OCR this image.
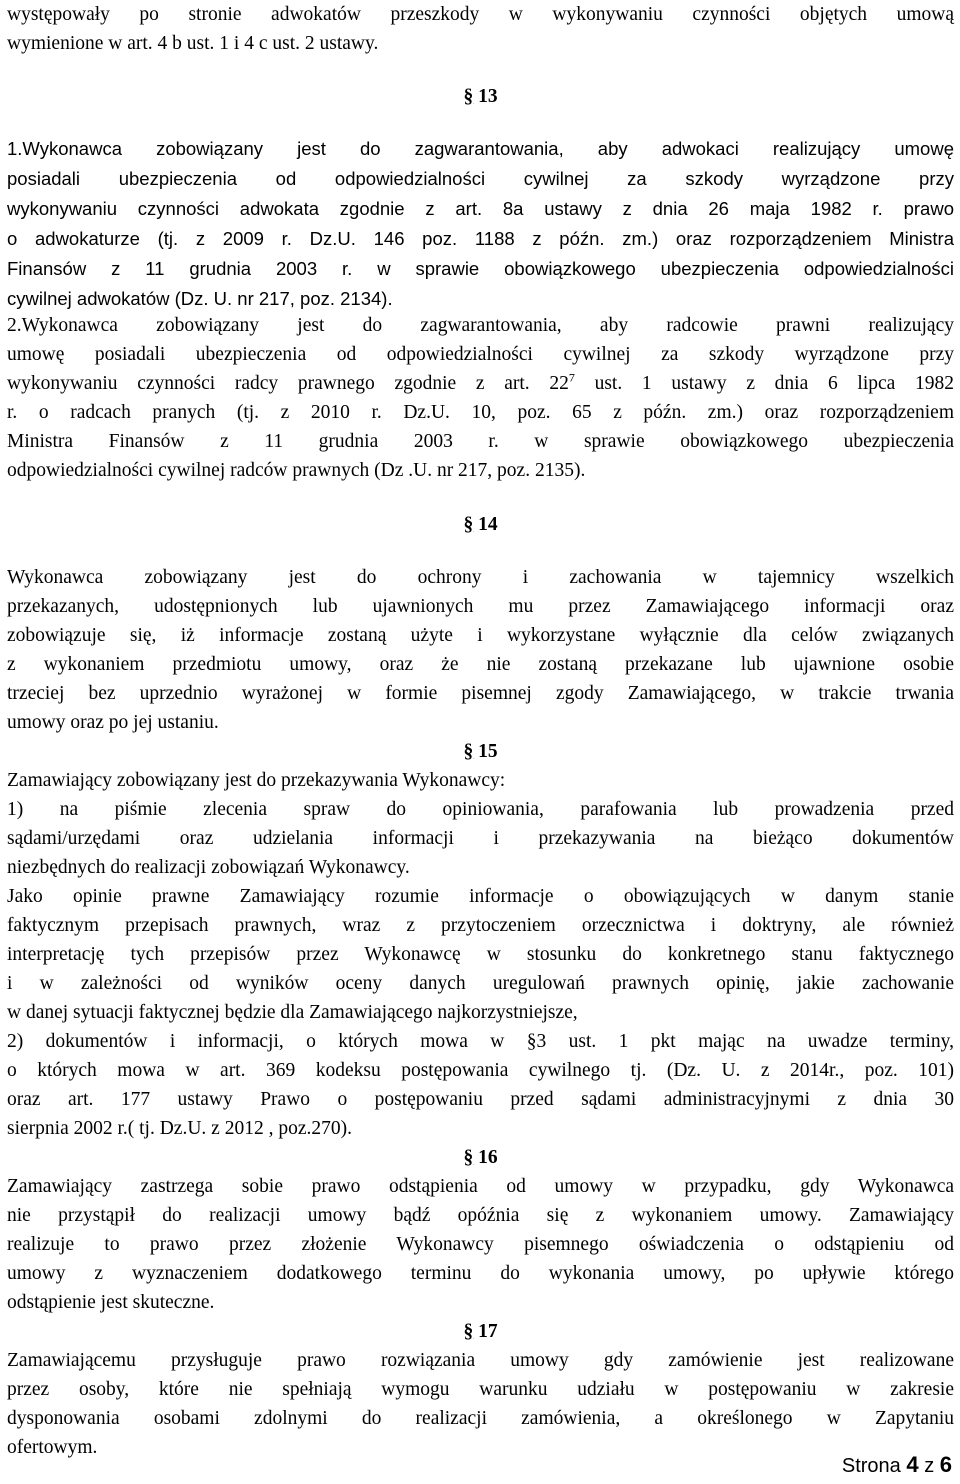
występowały po stronie adwokatów przeszkody w wykonywaniu czynności objętych umową
wymienione w art. 4 b ust. 1 i 4 c ust. 2 ustawy.
§ 13
1.Wykonawca zobowiązany jest do zagwarantowania, aby adwokaci realizujący umowę
posiadali ubezpieczenia od odpowiedzialności cywilnej za szkody wyrządzone przy
wykonywaniu czynności adwokata zgodnie z art. 8a ustawy z dnia 26 maja 1982 r. prawo
o adwokaturze (tj. z 2009 r. Dz.U. 146 poz. 1188 z późn. zm.) oraz rozporządzeniem Ministra
Finansów z 11 grudnia 2003 r. w sprawie obowiązkowego ubezpieczenia odpowiedzialności
cywilnej adwokatów (Dz. U. nr 217, poz. 2134).
2.Wykonawca zobowiązany jest do zagwarantowania, aby radcowie prawni realizujący
umowę posiadali ubezpieczenia od odpowiedzialności cywilnej za szkody wyrządzone przy
wykonywaniu czynności radcy prawnego zgodnie z art. $22^7$ ust. 1 ustawy z dnia 6 lipca 1982
r. o radcach pranych (tj. z 2010 r. Dz.U. 10, poz. 65 z późn. zm.) oraz rozporządzeniem
Ministra Finansów z 11 grudnia 2003 r. w sprawie obowiązkowego ubezpieczenia
odpowiedzialności cywilnej radców prawnych (Dz .U. nr 217, poz. 2135).
§ 14
Wykonawca zobowiązany jest do ochrony i zachowania w tajemnicy wszelkich
przekazanych, udostępnionych lub ujawnionych mu przez Zamawiającego informacji oraz
zobowiązuje się, iż informacje zostaną użyte i wykorzystane wyłącznie dla celów związanych
z wykonaniem przedmiotu umowy, oraz że nie zostaną przekazane lub ujawnione osobie
trzeciej bez uprzednio wyrażonej w formie pisemnej zgody Zamawiającego, w trakcie trwania
umowy oraz po jej ustaniu.
§ 15
Zamawiający zobowiązany jest do przekazywania Wykonawcy:
1) na piśmie zlecenia spraw do opiniowania, parafowania lub prowadzenia przed
sądami/urzędami oraz udzielania informacji i przekazywania na bieżąco dokumentów
niezbędnych do realizacji zobowiązań Wykonawcy.
Jako opinie prawne Zamawiający rozumie informacje o obowiązujących w danym stanie
faktycznym przepisach prawnych, wraz z przytoczeniem orzecznictwa i doktryny, ale również
interpretację tych przepisów przez Wykonawcę w stosunku do konkretnego stanu faktycznego
i w zależności od wyników oceny danych uregulowań prawnych opinię, jakie zachowanie
w danej sytuacji faktycznej będzie dla Zamawiającego najkorzystniejsze,
2) dokumentów i informacji, o których mowa w §3 ust. 1 pkt mając na uwadze terminy,
o których mowa w art. 369 kodeksu postępowania cywilnego tj. (Dz. U. z 2014r., poz. 101)
oraz art. 177 ustawy Prawo o postępowaniu przed sądami administracyjnymi z dnia 30
sierpnia 2002 r.( tj. Dz.U. z 2012 , poz.270).
§ 16
Zamawiający zastrzega sobie prawo odstąpienia od umowy w przypadku, gdy Wykonawca
nie przystąpił do realizacji umowy bądź opóźnia się z wykonaniem umowy. Zamawiający
realizuje to prawo przez złożenie Wykonawcy pisemnego oświadczenia o odstąpieniu od
umowy z wyznaczeniem dodatkowego terminu do wykonania umowy, po upływie którego
odstąpienie jest skuteczne.
§ 17
Zamawiającemu przysługuje prawo rozwiązania umowy gdy zamówienie jest realizowane
przez osoby, które nie spełniają wymogu warunku udziału w postępowaniu w zakresie
dysponowania osobami zdolnymi do realizacji zamówienia, a określonego w Zapytaniu
ofertowym.
Strona 4 z 6
